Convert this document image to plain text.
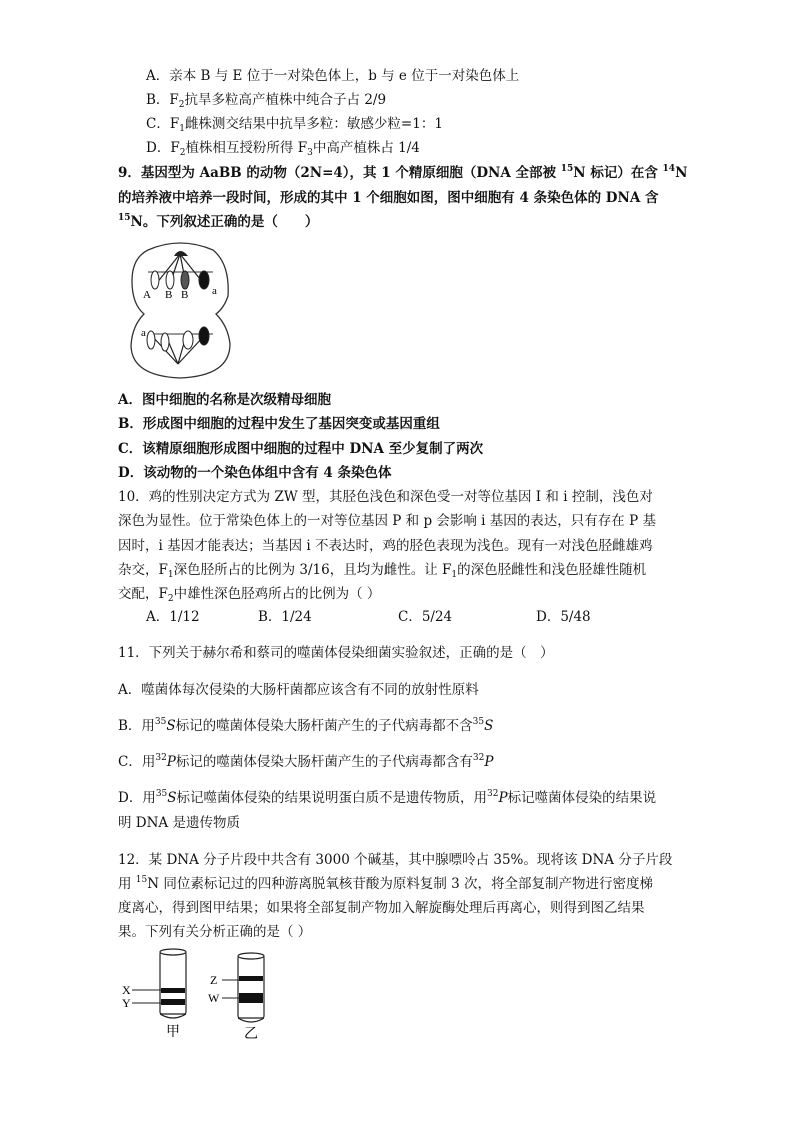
A．亲本 B 与 E 位于一对染色体上，b 与 e 位于一对染色体上
B．$F_2$抗旱多粒高产植株中纯合子占 2/9
C．$F_1$雌株测交结果中抗旱多粒：敏感少粒=1：1
D．$F_2$植株相互授粉所得 $F_3$中高产植株占 1/4
9．基因型为 AaBB 的动物（2N=4），其 1 个精原细胞（DNA 全部被 $^{15}$N 标记）在含 $^{14}$N
的培养液中培养一段时间，形成的其中 1 个细胞如图，图中细胞有 4 条染色体的 DNA 含
$^{15}$N。下列叙述正确的是（　　）
A B B a
a
A．图中细胞的名称是次级精母细胞
B．形成图中细胞的过程中发生了基因突变或基因重组
C．该精原细胞形成图中细胞的过程中 DNA 至少复制了两次
D．该动物的一个染色体组中含有 4 条染色体
10．鸡的性别决定方式为 ZW 型，其胫色浅色和深色受一对等位基因 I 和 i 控制，浅色对
深色为显性。位于常染色体上的一对等位基因 P 和 p 会影响 i 基因的表达，只有存在 P 基
因时，i 基因才能表达；当基因 i 不表达时，鸡的胫色表现为浅色。现有一对浅色胫雌雄鸡
杂交，$F_1$深色胫所占的比例为 3/16，且均为雌性。让 $F_1$的深色胫雌性和浅色胫雄性随机
交配，$F_2$中雄性深色胫鸡所占的比例为（ ）
A．1/12	B．1/24	C．5/24	D．5/48
11．下列关于赫尔希和蔡司的噬菌体侵染细菌实验叙述，正确的是（　）
A．噬菌体每次侵染的大肠杆菌都应该含有不同的放射性原料
B．用$^{35}$S标记的噬菌体侵染大肠杆菌产生的子代病毒都不含$^{35}$S
C．用$^{32}$P标记的噬菌体侵染大肠杆菌产生的子代病毒都含有$^{32}$P
D．用$^{35}$S标记噬菌体侵染的结果说明蛋白质不是遗传物质，用$^{32}$P标记噬菌体侵染的结果说
明 DNA 是遗传物质
12．某 DNA 分子片段中共含有 3000 个碱基，其中腺嘌呤占 35%。现将该 DNA 分子片段
用 $^{15}$N 同位素标记过的四种游离脱氧核苷酸为原料复制 3 次，将全部复制产物进行密度梯
度离心，得到图甲结果；如果将全部复制产物加入解旋酶处理后再离心，则得到图乙结果
果。下列有关分析正确的是（ ）
X
Y
甲
Z
W
乙
